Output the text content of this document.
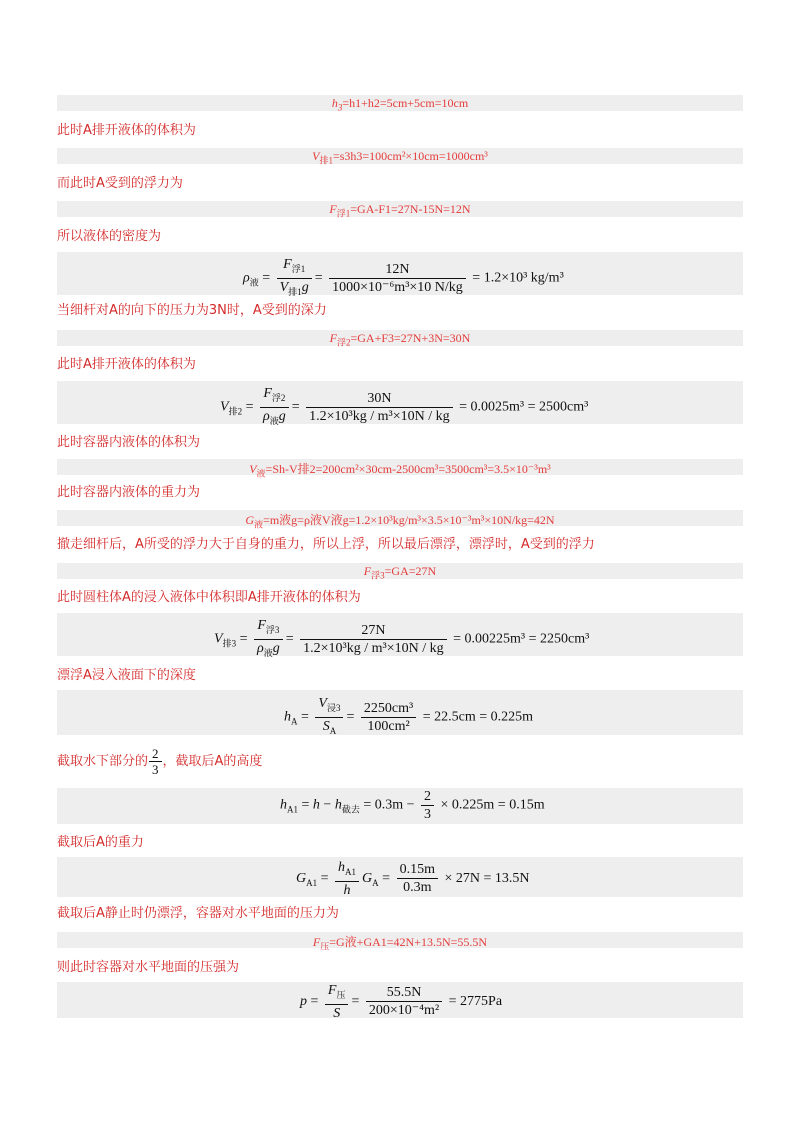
$h_3=h1+h2=5cm+5cm=10cm$
此时A排开液体的体积为
$V_{排1}=s3h3=100cm^2\times 10cm=1000cm^3$
而此时A受到的浮力为
$F_{浮1}=GA-F1=27N-15N=12N$
所以液体的密度为
$\rho_液 = \frac{F_{浮1}}{V_{排1}g} = \frac{12N}{\text{1000×10⁻⁶m³×10 N/kg}} = 1.2\times 10^3$ kg/m³
当细杆对A的向下的压力为3N时，A受到的深力
$F_{浮2}=GA+F3=27N+3N=30N$
此时A排开液体的体积为
$V_{排2} = \frac{F_{浮2}}{\rho_液g} = \frac{30N}{\text{1.2×10³kg / m³×10N / kg}} = 0.0025m^3 = 2500cm^3$
此时容器内液体的体积为
$V_液=Sh-V$排2=200cm²×30cm-2500cm³=3500cm³=3.5×10⁻³m³
此时容器内液体的重力为
$G_液=m$液g=ρ液V液g=1.2×10³kg/m³×3.5×10⁻³m³×10N/kg=42N
撤走细杆后，A所受的浮力大于自身的重力，所以上浮，所以最后漂浮，漂浮时，A受到的浮力
$F_{浮3}=GA=27N$
此时圆柱体A的浸入液体中体积即A排开液体的体积为
$V_{排3} = \frac{F_{浮3}}{\rho_液g} = \frac{27N}{\text{1.2×10³kg / m³×10N / kg}} = 0.00225m^3 = 2250cm^3$
漂浮A浸入液面下的深度
$h_A = \frac{V_{浸3}}{S_A} = \frac{\text{2250cm³}}{\text{100cm²}} = 22.5cm = 0.225m$
截取水下部分的 $\frac{2}{3}$ ，截取后A的高度
$h_{A1} = h - h_{截去} = 0.3m - \frac{2}{3} \times 0.225m = 0.15m$
截取后A的重力
$G_{A1} = \frac{h_{A1}}{h} G_A = \frac{0.15m}{0.3m} \times 27N = 13.5N$
截取后A静止时仍漂浮，容器对水平地面的压力为
$F_压=G$液+GA1=42N+13.5N=55.5N
则此时容器对水平地面的压强为
$p = \frac{F_压}{S} = \frac{55.5N}{\text{200×10⁻⁴m²}} = 2775Pa$
